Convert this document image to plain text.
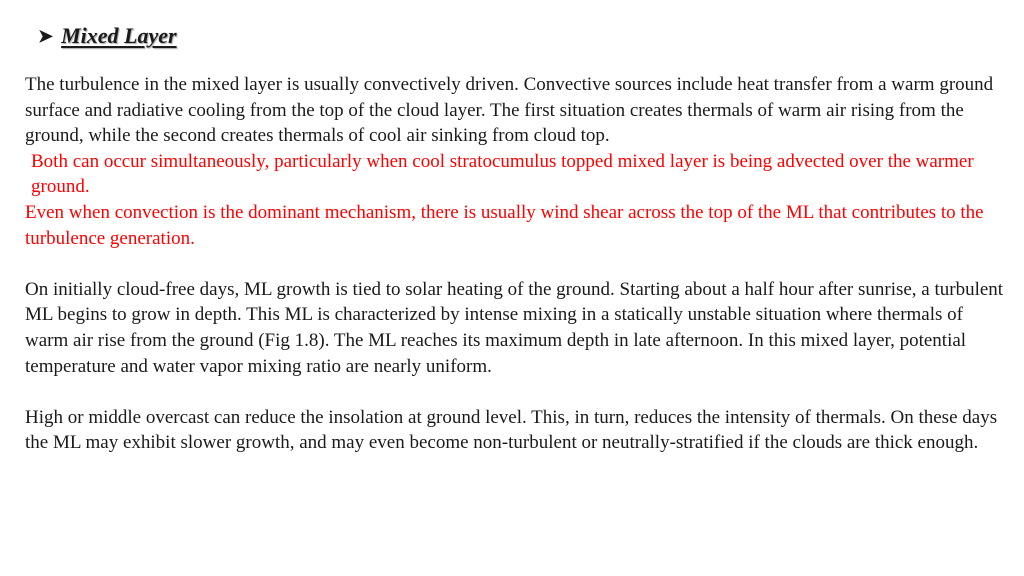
➤ Mixed Layer

The turbulence in the mixed layer is usually convectively driven. Convective sources include heat transfer from a warm ground surface and radiative cooling from the top of the cloud layer. The first situation creates thermals of warm air rising from the ground, while the second creates thermals of cool air sinking from cloud top.

Both can occur simultaneously, particularly when cool stratocumulus topped mixed layer is being advected over the warmer ground.

Even when convection is the dominant mechanism, there is usually wind shear across the top of the ML that contributes to the turbulence generation.

On initially cloud-free days, ML growth is tied to solar heating of the ground. Starting about a half hour after sunrise, a turbulent ML begins to grow in depth. This ML is characterized by intense mixing in a statically unstable situation where thermals of warm air rise from the ground (Fig 1.8). The ML reaches its maximum depth in late afternoon. In this mixed layer, potential temperature and water vapor mixing ratio are nearly uniform.

High or middle overcast can reduce the insolation at ground level. This, in turn, reduces the intensity of thermals. On these days the ML may exhibit slower growth, and may even become non-turbulent or neutrally-stratified if the clouds are thick enough.
